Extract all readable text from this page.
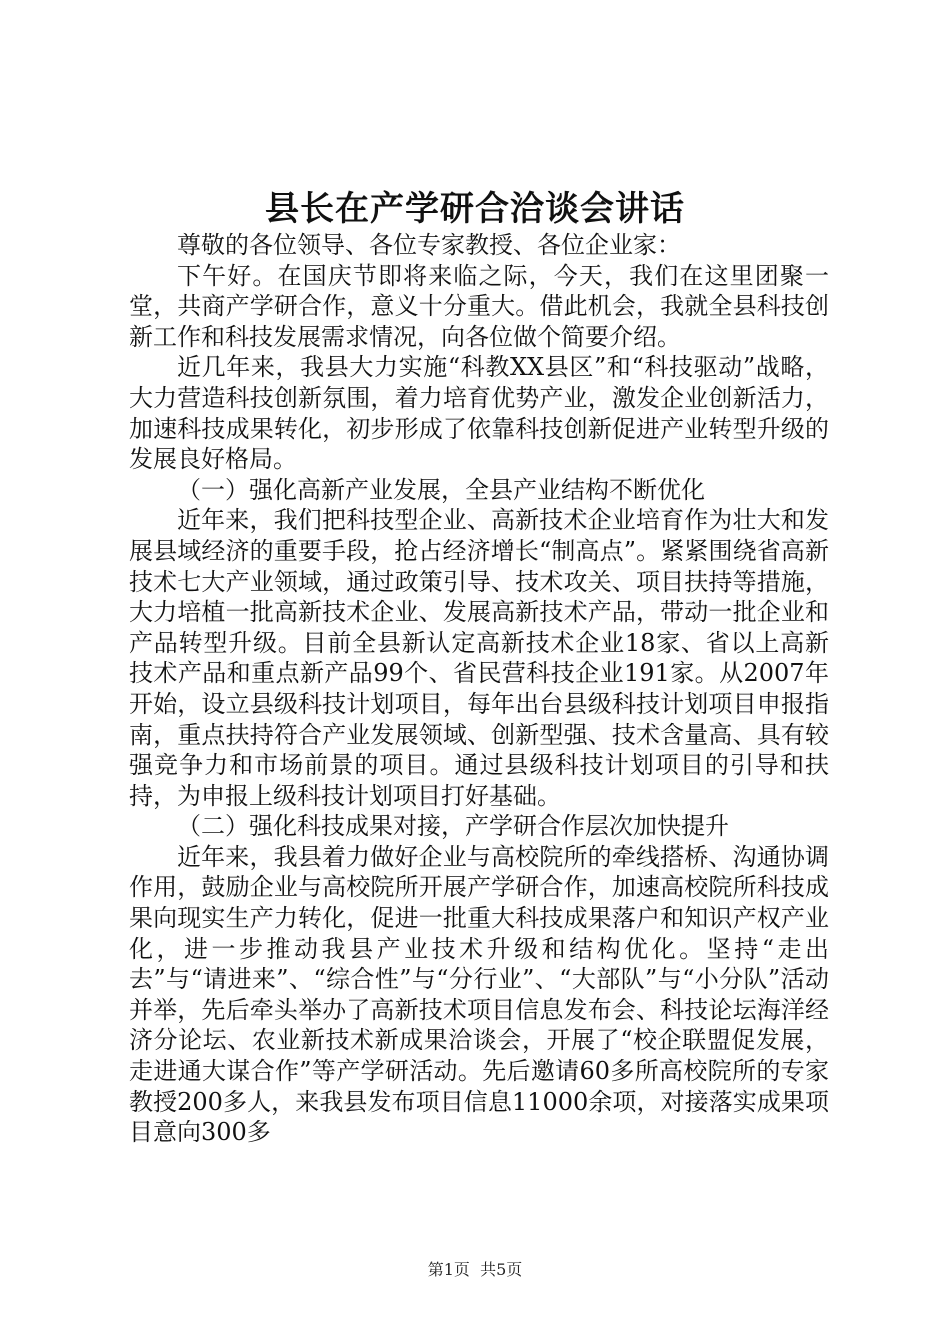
县长在产学研合洽谈会讲话

尊敬的各位领导、各位专家教授、各位企业家：

下午好。在国庆节即将来临之际，今天，我们在这里团聚一堂，共商产学研合作，意义十分重大。借此机会，我就全县科技创新工作和科技发展需求情况，向各位做个简要介绍。

近几年来，我县大力实施“科教XX县区”和“科技驱动”战略，大力营造科技创新氛围，着力培育优势产业，激发企业创新活力，加速科技成果转化，初步形成了依靠科技创新促进产业转型升级的发展良好格局。

（一）强化高新产业发展，全县产业结构不断优化

近年来，我们把科技型企业、高新技术企业培育作为壮大和发展县域经济的重要手段，抢占经济增长“制高点”。紧紧围绕省高新技术七大产业领域，通过政策引导、技术攻关、项目扶持等措施，大力培植一批高新技术企业、发展高新技术产品，带动一批企业和产品转型升级。目前全县新认定高新技术企业18家、省以上高新技术产品和重点新产品99个、省民营科技企业191家。从2007年开始，设立县级科技计划项目，每年出台县级科技计划项目申报指南，重点扶持符合产业发展领域、创新型强、技术含量高、具有较强竞争力和市场前景的项目。通过县级科技计划项目的引导和扶持，为申报上级科技计划项目打好基础。

（二）强化科技成果对接，产学研合作层次加快提升

近年来，我县着力做好企业与高校院所的牵线搭桥、沟通协调作用，鼓励企业与高校院所开展产学研合作，加速高校院所科技成果向现实生产力转化，促进一批重大科技成果落户和知识产权产业化，进一步推动我县产业技术升级和结构优化。坚持“走出去”与“请进来”、“综合性”与“分行业”、“大部队”与“小分队”活动并举，先后牵头举办了高新技术项目信息发布会、科技论坛海洋经济分论坛、农业新技术新成果洽谈会，开展了“校企联盟促发展，走进通大谋合作”等产学研活动。先后邀请60多所高校院所的专家教授200多人，来我县发布项目信息11000余项，对接落实成果项目意向300多

第1页 共5页
